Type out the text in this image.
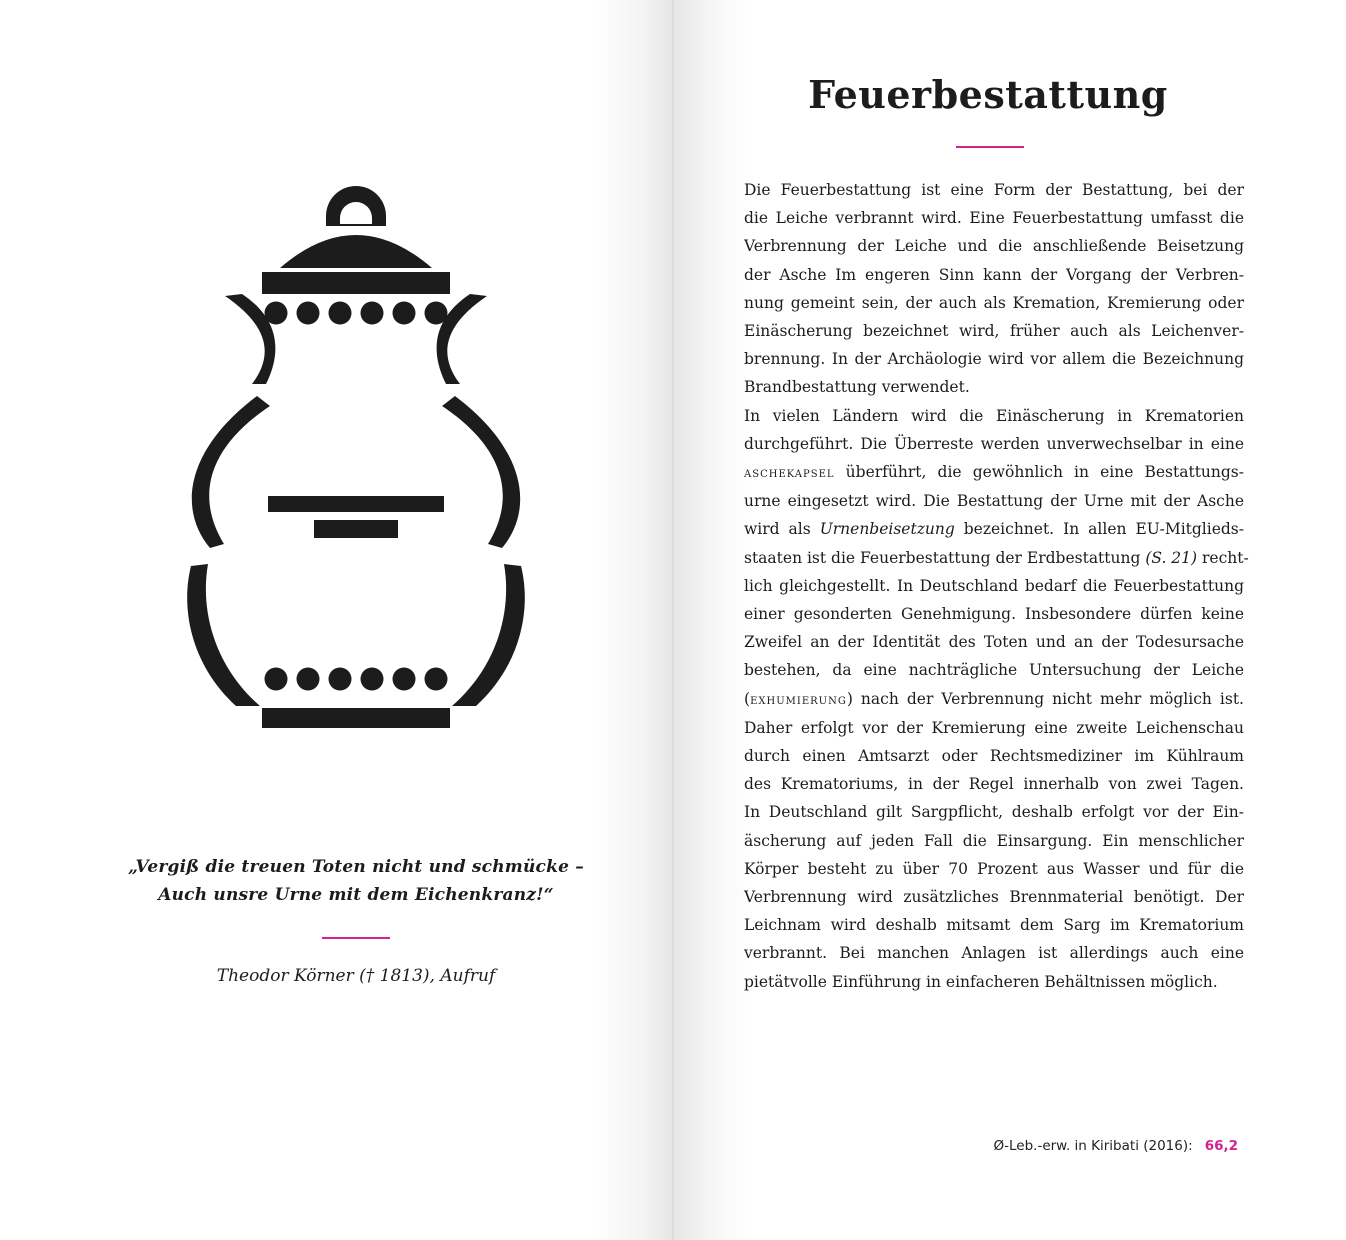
„Vergiß die treuen Toten nicht und schmücke –
Auch unsre Urne mit dem Eichenkranz!“

Theodor Körner († 1813), Aufruf

Feuerbestattung
Die Feuerbestattung ist eine Form der Bestattung, bei der
die Leiche verbrannt wird. Eine Feuerbestattung umfasst die
Verbrennung der Leiche und die anschließende Beisetzung
der Asche Im engeren Sinn kann der Vorgang der Verbren-
nung gemeint sein, der auch als Kremation, Kremierung oder
Einäscherung bezeichnet wird, früher auch als Leichenver-
brennung. In der Archäologie wird vor allem die Bezeichnung
Brandbestattung verwendet.
In vielen Ländern wird die Einäscherung in Krematorien
durchgeführt. Die Überreste werden unverwechselbar in eine
aschekapsel überführt, die gewöhnlich in eine Bestattungs-
urne eingesetzt wird. Die Bestattung der Urne mit der Asche
wird als Urnenbeisetzung bezeichnet. In allen EU-Mitglieds-
staaten ist die Feuerbestattung der Erdbestattung (S. 21) recht-
lich gleichgestellt. In Deutschland bedarf die Feuerbestattung
einer gesonderten Genehmigung. Insbesondere dürfen keine
Zweifel an der Identität des Toten und an der Todesursache
bestehen, da eine nachträgliche Untersuchung der Leiche
(exhumierung) nach der Verbrennung nicht mehr möglich ist.
Daher erfolgt vor der Kremierung eine zweite Leichenschau
durch einen Amtsarzt oder Rechtsmediziner im Kühlraum
des Krematoriums, in der Regel innerhalb von zwei Tagen.
In Deutschland gilt Sargpflicht, deshalb erfolgt vor der Ein-
äscherung auf jeden Fall die Einsargung. Ein menschlicher
Körper besteht zu über 70 Prozent aus Wasser und für die
Verbrennung wird zusätzliches Brennmaterial benötigt. Der
Leichnam wird deshalb mitsamt dem Sarg im Krematorium
verbrannt. Bei manchen Anlagen ist allerdings auch eine
pietätvolle Einführung in einfacheren Behältnissen möglich.
Ø-Leb.-erw. in Kiribati (2016): 66,2
